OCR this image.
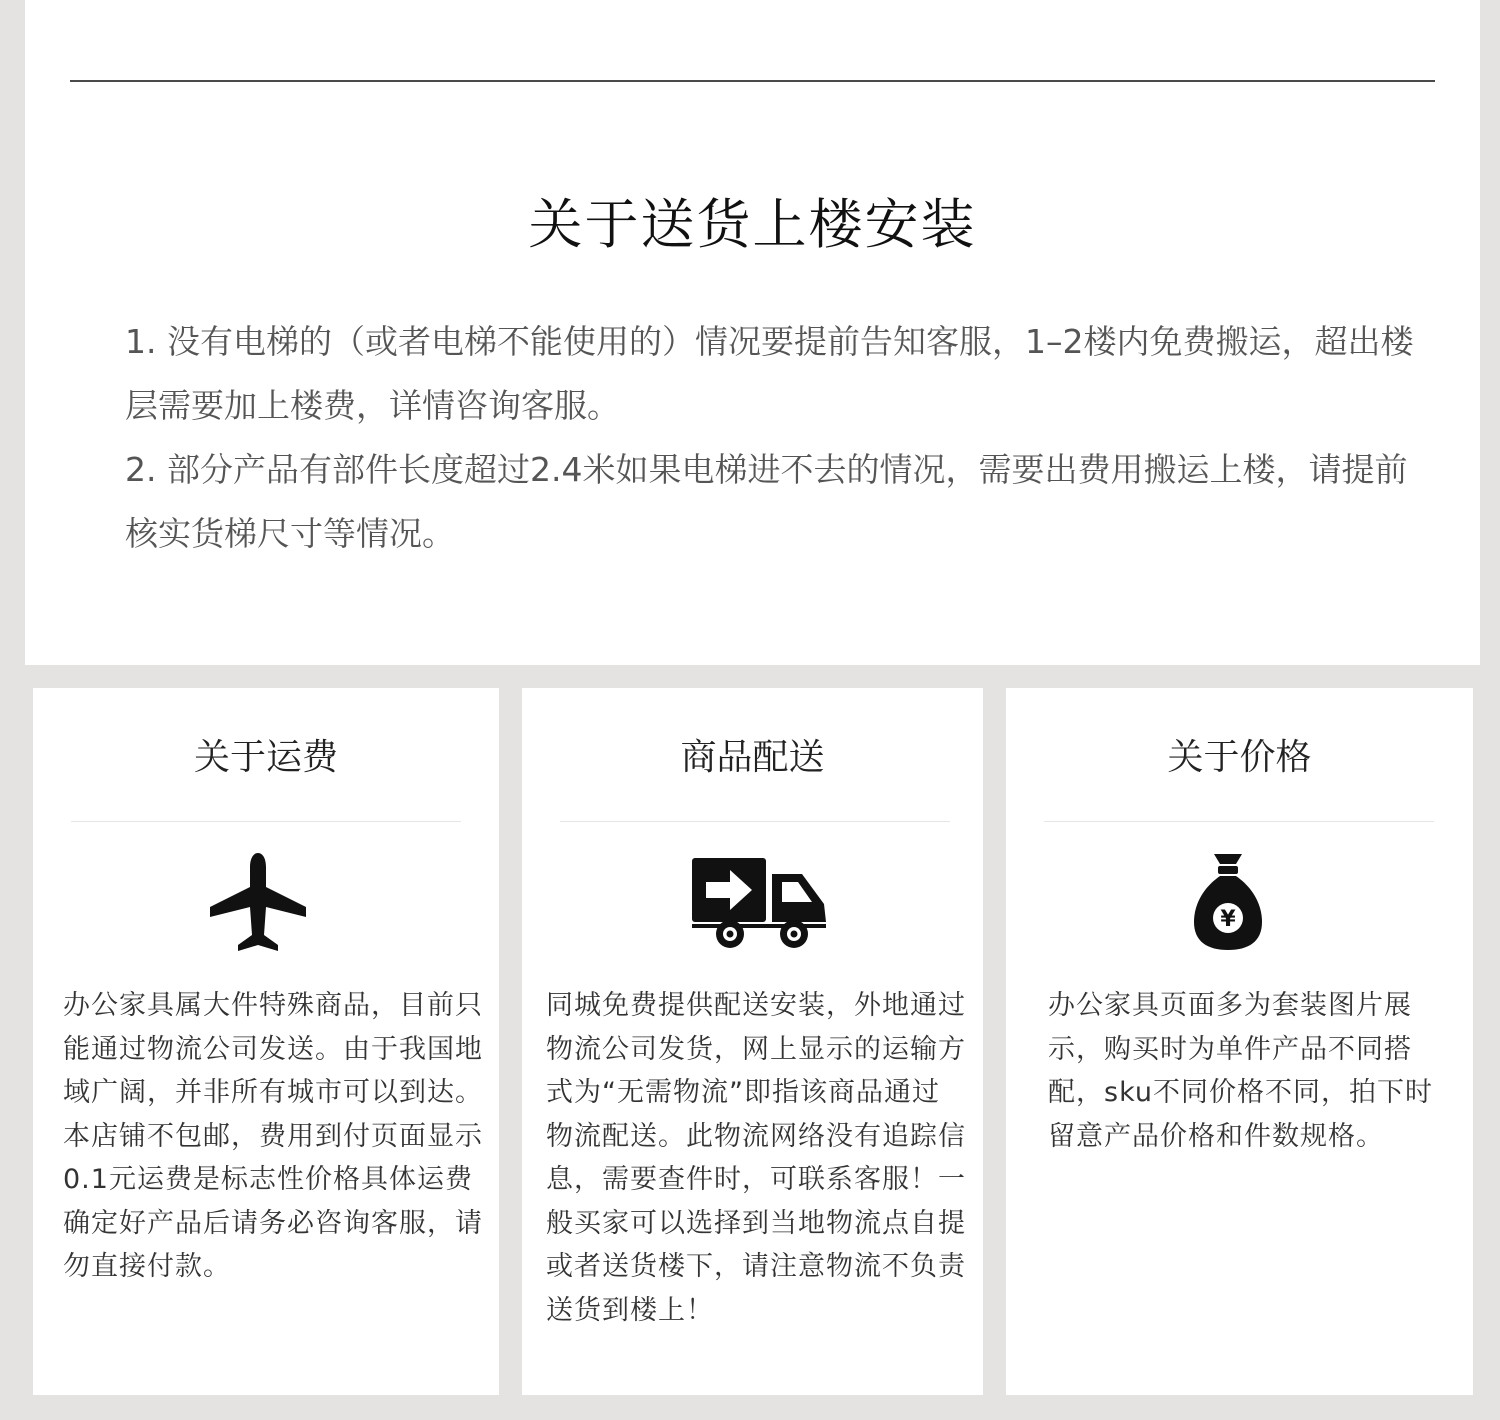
关于送货上楼安装
1. 没有电梯的（或者电梯不能使用的）情况要提前告知客服，1–2楼内免费搬运，超出楼层需要加上楼费，详情咨询客服。
2. 部分产品有部件长度超过2.4米如果电梯进不去的情况，需要出费用搬运上楼，请提前核实货梯尺寸等情况。
关于运费

办公家具属大件特殊商品，目前只能通过物流公司发送。由于我国地域广阔，并非所有城市可以到达。本店铺不包邮，费用到付页面显示0.1元运费是标志性价格具体运费确定好产品后请务必咨询客服，请勿直接付款。

商品配送

同城免费提供配送安装，外地通过物流公司发货，网上显示的运输方式为“无需物流”即指该商品通过物流配送。此物流网络没有追踪信息，需要查件时，可联系客服！一般买家可以选择到当地物流点自提或者送货楼下，请注意物流不负责送货到楼上！

关于价格
¥

办公家具页面多为套装图片展示，购买时为单件产品不同搭配，sku不同价格不同，拍下时留意产品价格和件数规格。
